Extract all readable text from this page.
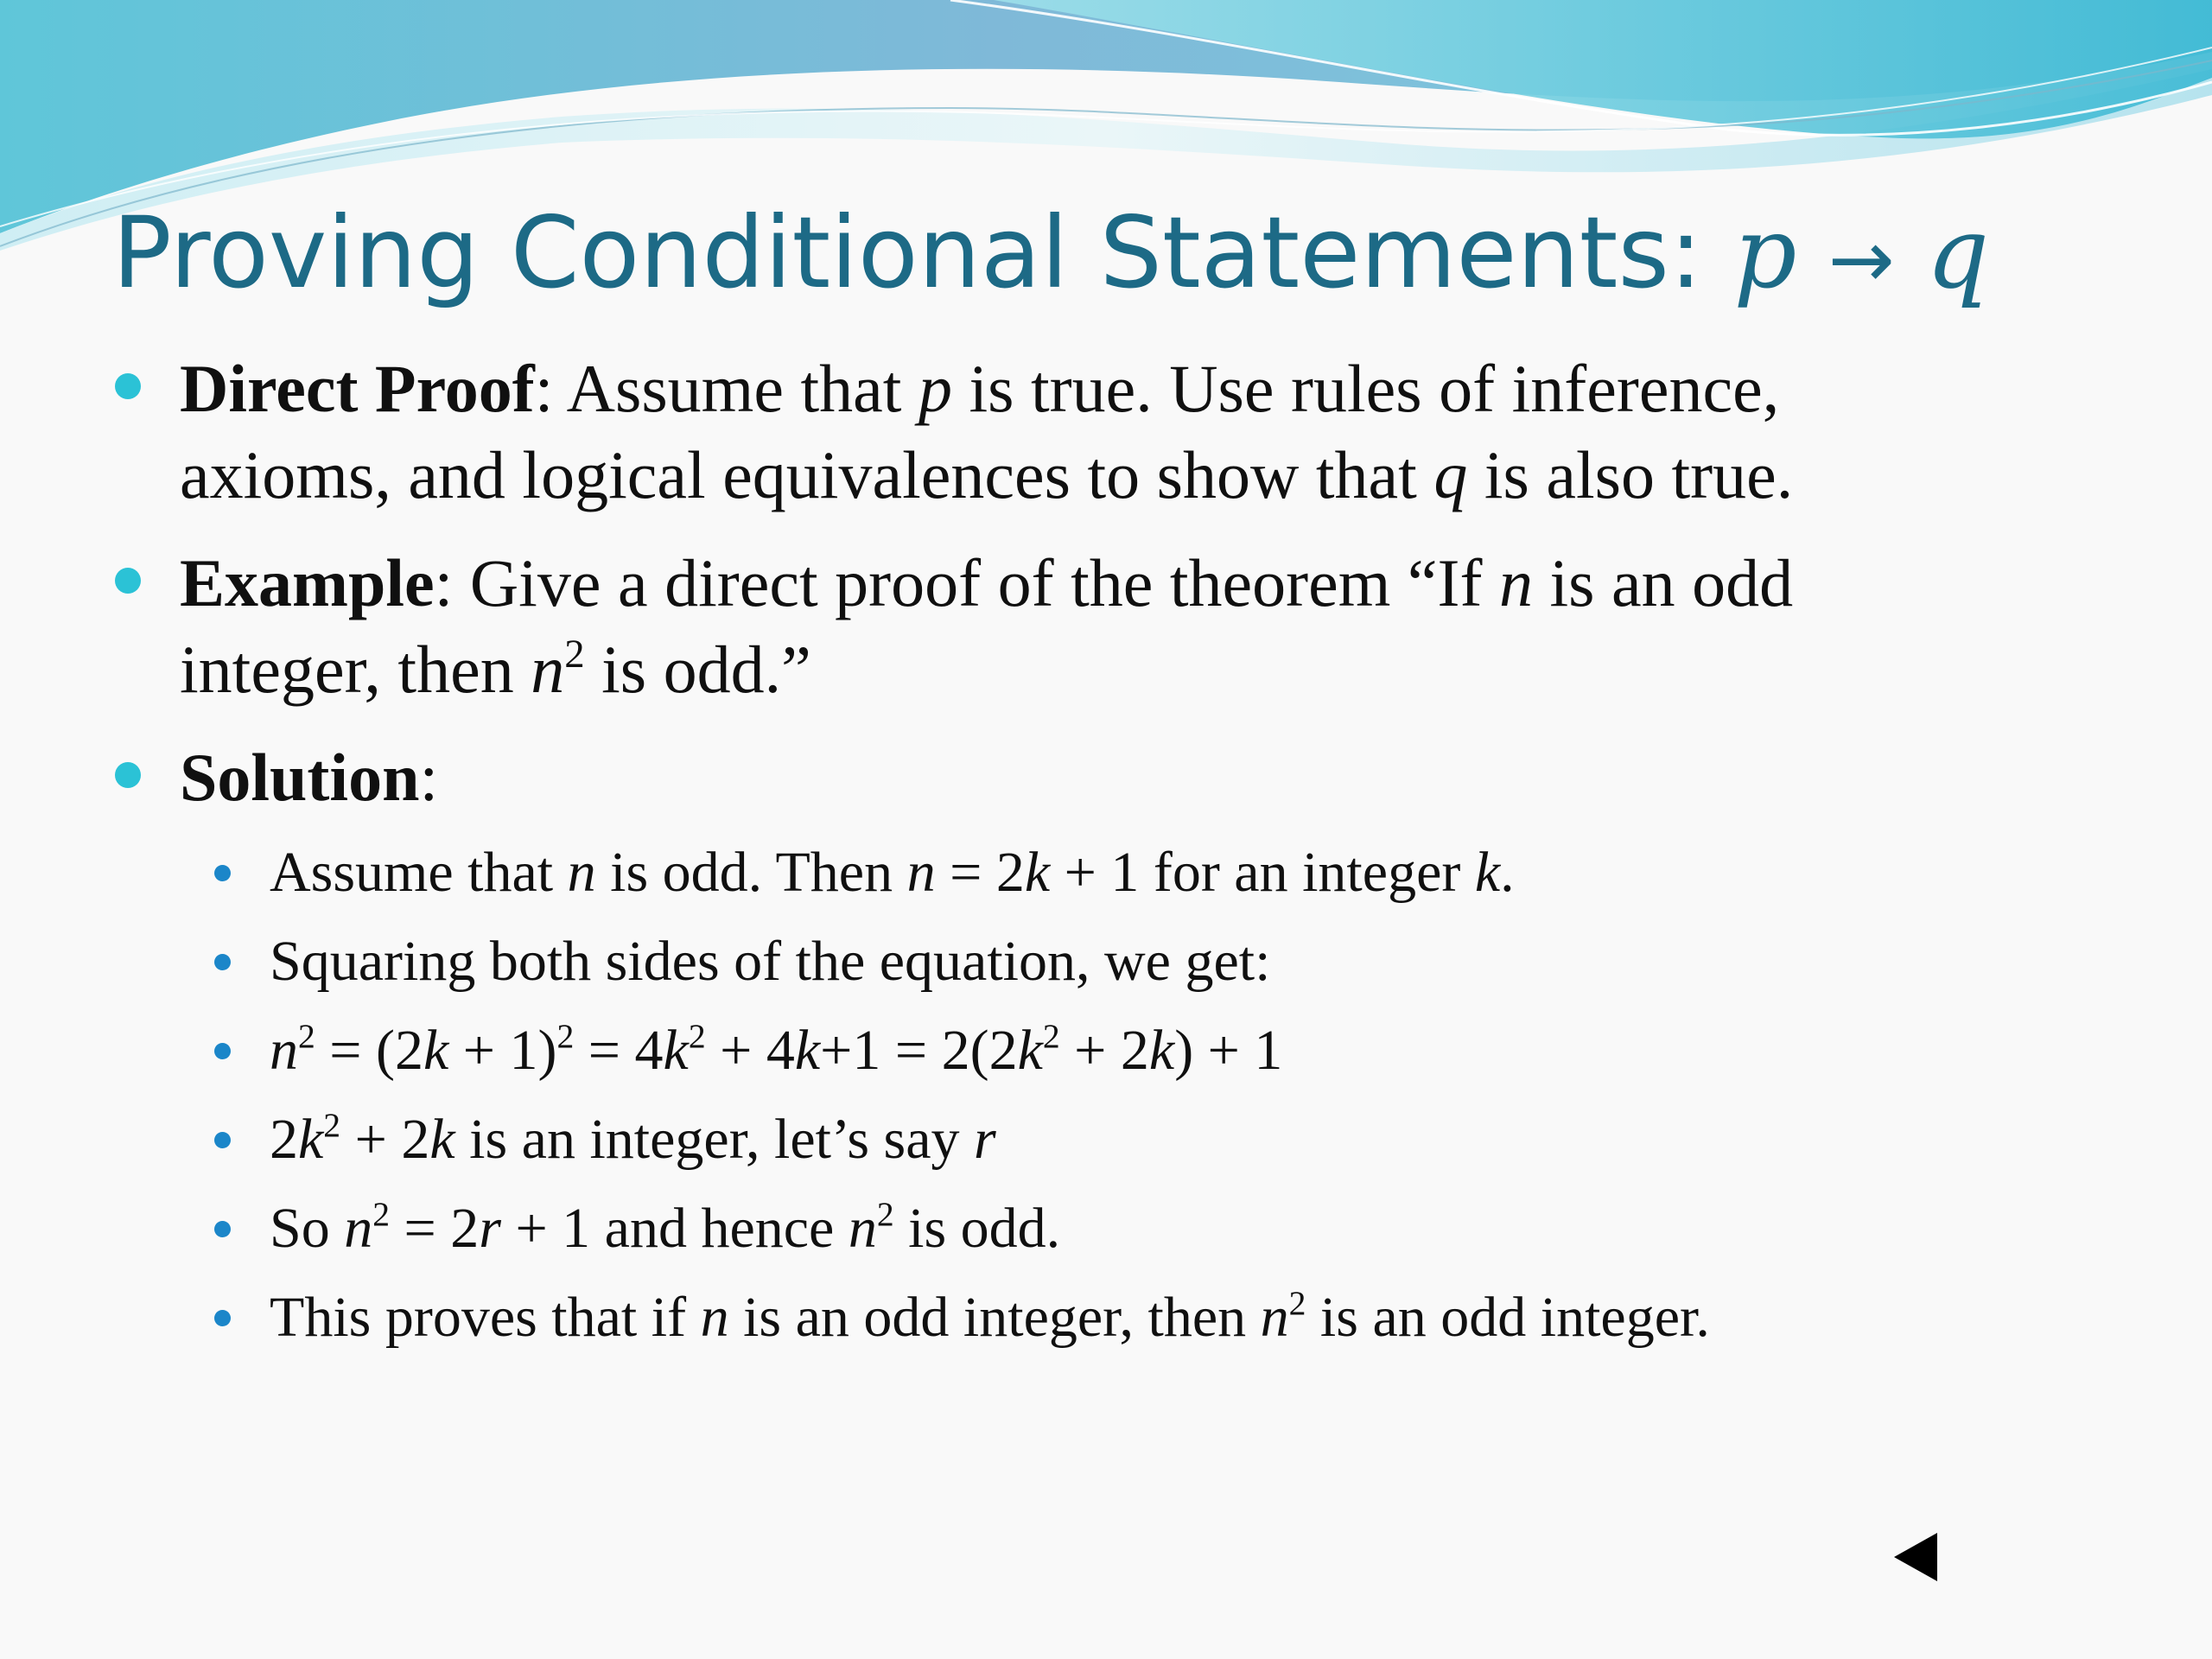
Proving Conditional Statements: p → q
Direct Proof: Assume that p is true. Use rules of inference,
axioms, and logical equivalences to show that q is also true.
Example: Give a direct proof of the theorem “If n is an odd
integer, then $n^2$ is odd.”
Solution:
Assume that n is odd. Then n = 2k + 1 for an integer k.
Squaring both sides of the equation, we get:
$n^2 = (2k + 1)^2 = 4k^2 + 4k+1 = 2(2k^2 + 2k) + 1$
$2k^2 + 2k$ is an integer, let’s say r
So $n^2 = 2r + 1$ and hence $n^2$ is odd.
This proves that if n is an odd integer, then $n^2$ is an odd integer.
